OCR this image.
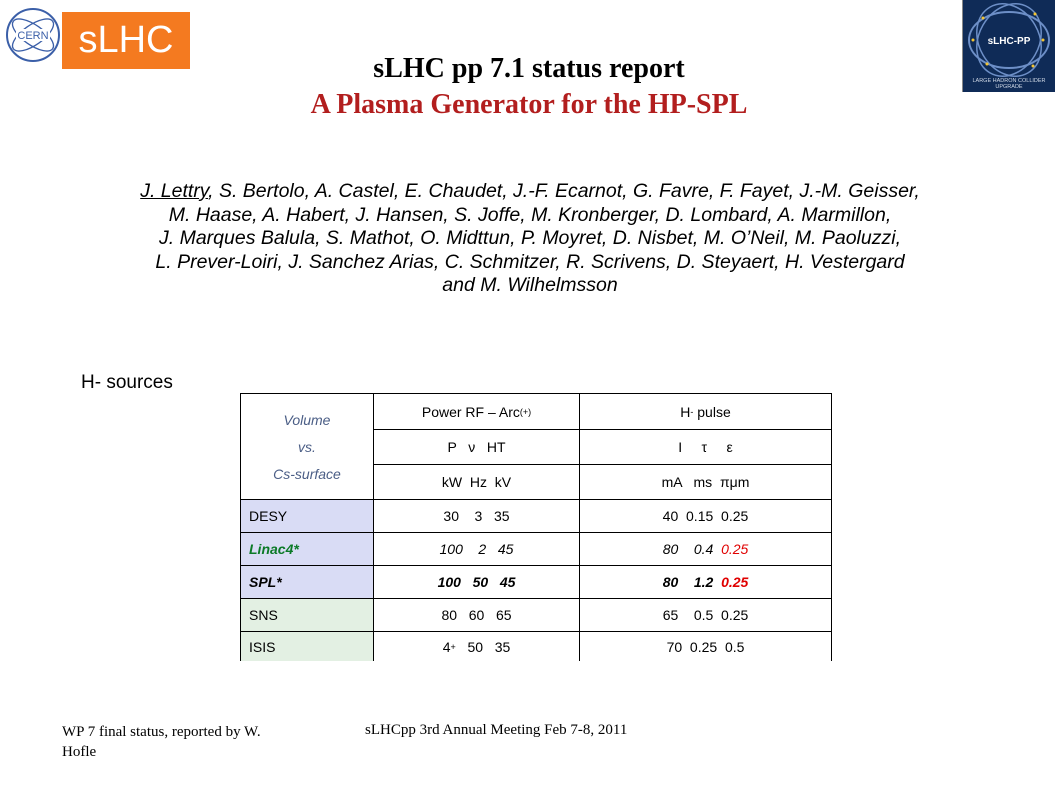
CERN sLHC	sLHC-PP
LARGE HADRON COLLIDER UPGRADE
sLHC pp 7.1 status report
A Plasma Generator for the HP-SPL
J. Lettry, S. Bertolo, A. Castel, E. Chaudet, J.-F. Ecarnot, G. Favre, F. Fayet, J.-M. Geisser,
M. Haase, A. Habert, J. Hansen, S. Joffe, M. Kronberger, D. Lombard, A. Marmillon,
J. Marques Balula, S. Mathot, O. Midttun, P. Moyret, D. Nisbet, M. O’Neil, M. Paoluzzi,
L. Prever-Loiri, J. Sanchez Arias, C. Schmitzer, R. Scrivens, D. Steyaert, H. Vestergard
and M. Wilhelmsson
H- sources
Volume
vs.
Cs-surface
Power RF – Arc (+)	H - pulse
P   ν   HT	I     τ     ε
kW  Hz  kV	mA   ms  πμm
DESY	30    3   35	40  0.15  0.25
Linac4*	100    2   45	80    0.4 0.25
SPL*	100   50   45	80    1.2 0.25
SNS	80   60   65	65    0.5  0.25
ISIS	4 + 50   35	70  0.25  0.5
WP 7 final status, reported by W. Hofle
sLHCpp 3rd Annual Meeting Feb 7-8, 2011
